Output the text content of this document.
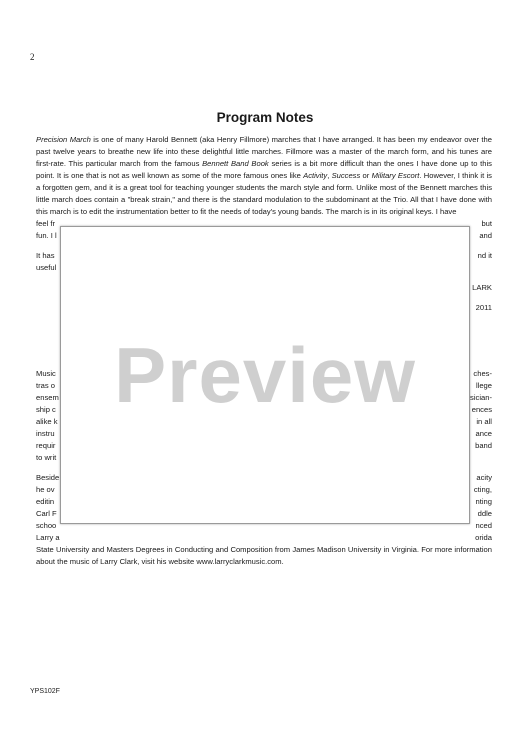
2
Program Notes

Precision March is one of many Harold Bennett (aka Henry Fillmore) marches that I have arranged. It has been my endeavor over the past twelve years to breathe new life into these delightful little marches. Fillmore was a master of the march form, and his tunes are first-rate. This particular march from the famous Bennett Band Book series is a bit more difficult than the ones I have done up to this point. It is one that is not as well known as some of the more famous ones like Activity, Success or Military Escort. However, I think it is a forgotten gem, and it is a great tool for teaching younger students the march style and form. Unlike most of the Bennett marches this little march does contain a "break strain," and there is the standard modulation to the subdominant at the Trio. All that I have done with this march is to edit the instrumentation better to fit the needs of today's young bands. The march is in its original keys. I have
feel fr	but

fun. I l	and

It has	nd it

useful

LARK

2011

Music	ches-

tras o	llege

ensem	sician-

ship c	ences

alike k	in all

instru	ance

requir	band

to writ

Beside	acity

he ov	cting,

editin	nting

Carl F	ddle

schoo	nced

Larry a	orida

State University and Masters Degrees in Conducting and Composition from James Madison University in Virginia. For more information about the music of Larry Clark, visit his website www.larryclarkmusic.com.

Preview
YPS102F
